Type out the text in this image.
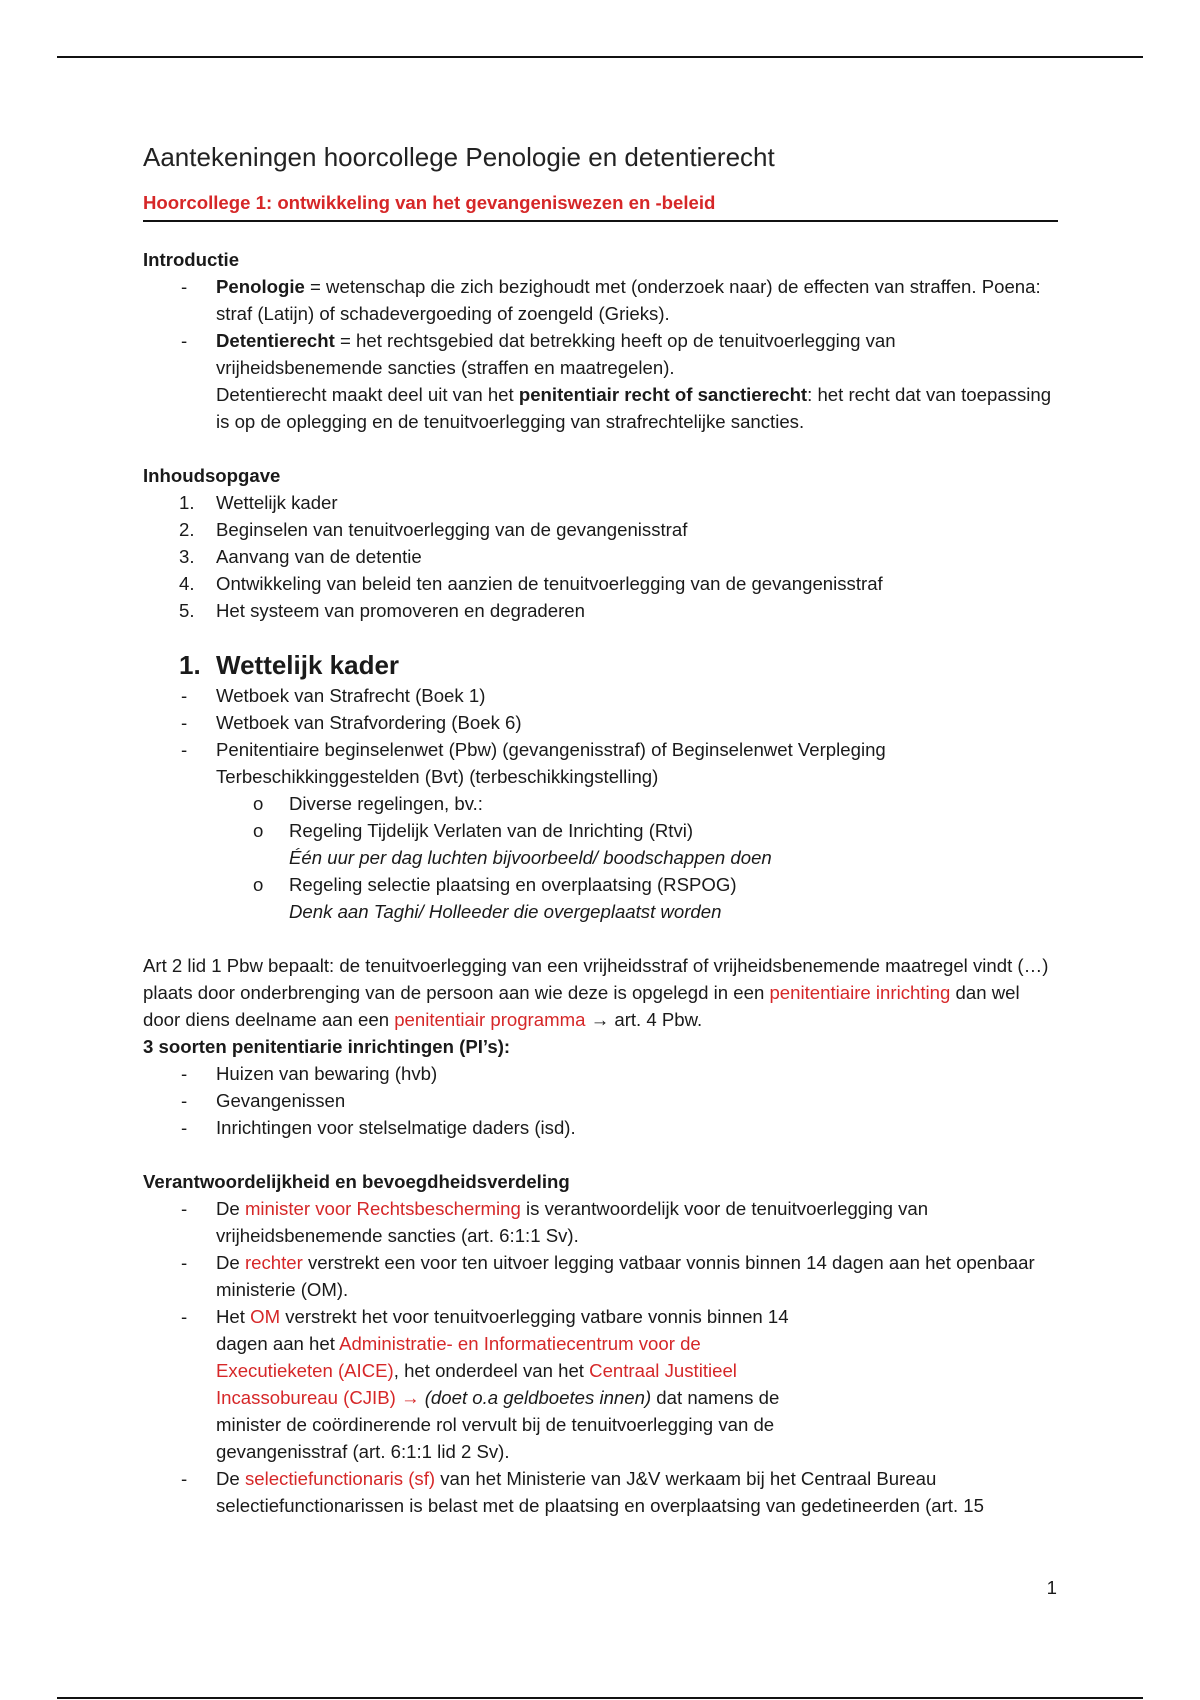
Aantekeningen hoorcollege Penologie en detentierecht
Hoorcollege 1: ontwikkeling van het gevangeniswezen en -beleid

Introductie

- Penologie = wetenschap die zich bezighoudt met (onderzoek naar) de effecten van straffen. Poena: straf (Latijn) of schadevergoeding of zoengeld (Grieks).
- Detentierecht = het rechtsgebied dat betrekking heeft op de tenuitvoerlegging van vrijheidsbenemende sancties (straffen en maatregelen).
Detentierecht maakt deel uit van het penitentiair recht of sanctierecht: het recht dat van toepassing is op de oplegging en de tenuitvoerlegging van strafrechtelijke sancties.

Inhoudsopgave

1. Wettelijk kader
2. Beginselen van tenuitvoerlegging van de gevangenisstraf
3. Aanvang van de detentie
4. Ontwikkeling van beleid ten aanzien de tenuitvoerlegging van de gevangenisstraf
5. Het systeem van promoveren en degraderen
1. Wettelijk kader
- Wetboek van Strafrecht (Boek 1)
- Wetboek van Strafvordering (Boek 6)
- Penitentiaire beginselenwet (Pbw) (gevangenisstraf) of Beginselenwet Verpleging Terbeschikkinggestelden (Bvt) (terbeschikkingstelling)
o Diverse regelingen, bv.:
o Regeling Tijdelijk Verlaten van de Inrichting (Rtvi)
Één uur per dag luchten bijvoorbeeld/ boodschappen doen
o Regeling selectie plaatsing en overplaatsing (RSPOG)
Denk aan Taghi/ Holleeder die overgeplaatst worden

Art 2 lid 1 Pbw bepaalt: de tenuitvoerlegging van een vrijheidsstraf of vrijheidsbenemende maatregel vindt (…) plaats door onderbrenging van de persoon aan wie deze is opgelegd in een penitentiaire inrichting dan wel door diens deelname aan een penitentiair programma → art. 4 Pbw.

3 soorten penitentiarie inrichtingen (PI’s):

- Huizen van bewaring (hvb)
- Gevangenissen
- Inrichtingen voor stelselmatige daders (isd).

Verantwoordelijkheid en bevoegdheidsverdeling

- De minister voor Rechtsbescherming is verantwoordelijk voor de tenuitvoerlegging van vrijheidsbenemende sancties (art. 6:1:1 Sv).
- De rechter verstrekt een voor ten uitvoer legging vatbaar vonnis binnen 14 dagen aan het openbaar ministerie (OM).
- Het OM verstrekt het voor tenuitvoerlegging vatbare vonnis binnen 14
dagen aan het Administratie- en Informatiecentrum voor de Executieketen (AICE), het onderdeel van het Centraal Justitieel Incassobureau (CJIB) → (doet o.a geldboetes innen) dat namens de minister de coördinerende rol vervult bij de tenuitvoerlegging van de gevangenisstraf (art. 6:1:1 lid 2 Sv).
- De selectiefunctionaris (sf) van het Ministerie van J&V werkaam bij het Centraal Bureau selectiefunctionarissen is belast met de plaatsing en overplaatsing van gedetineerden (art. 15
1
